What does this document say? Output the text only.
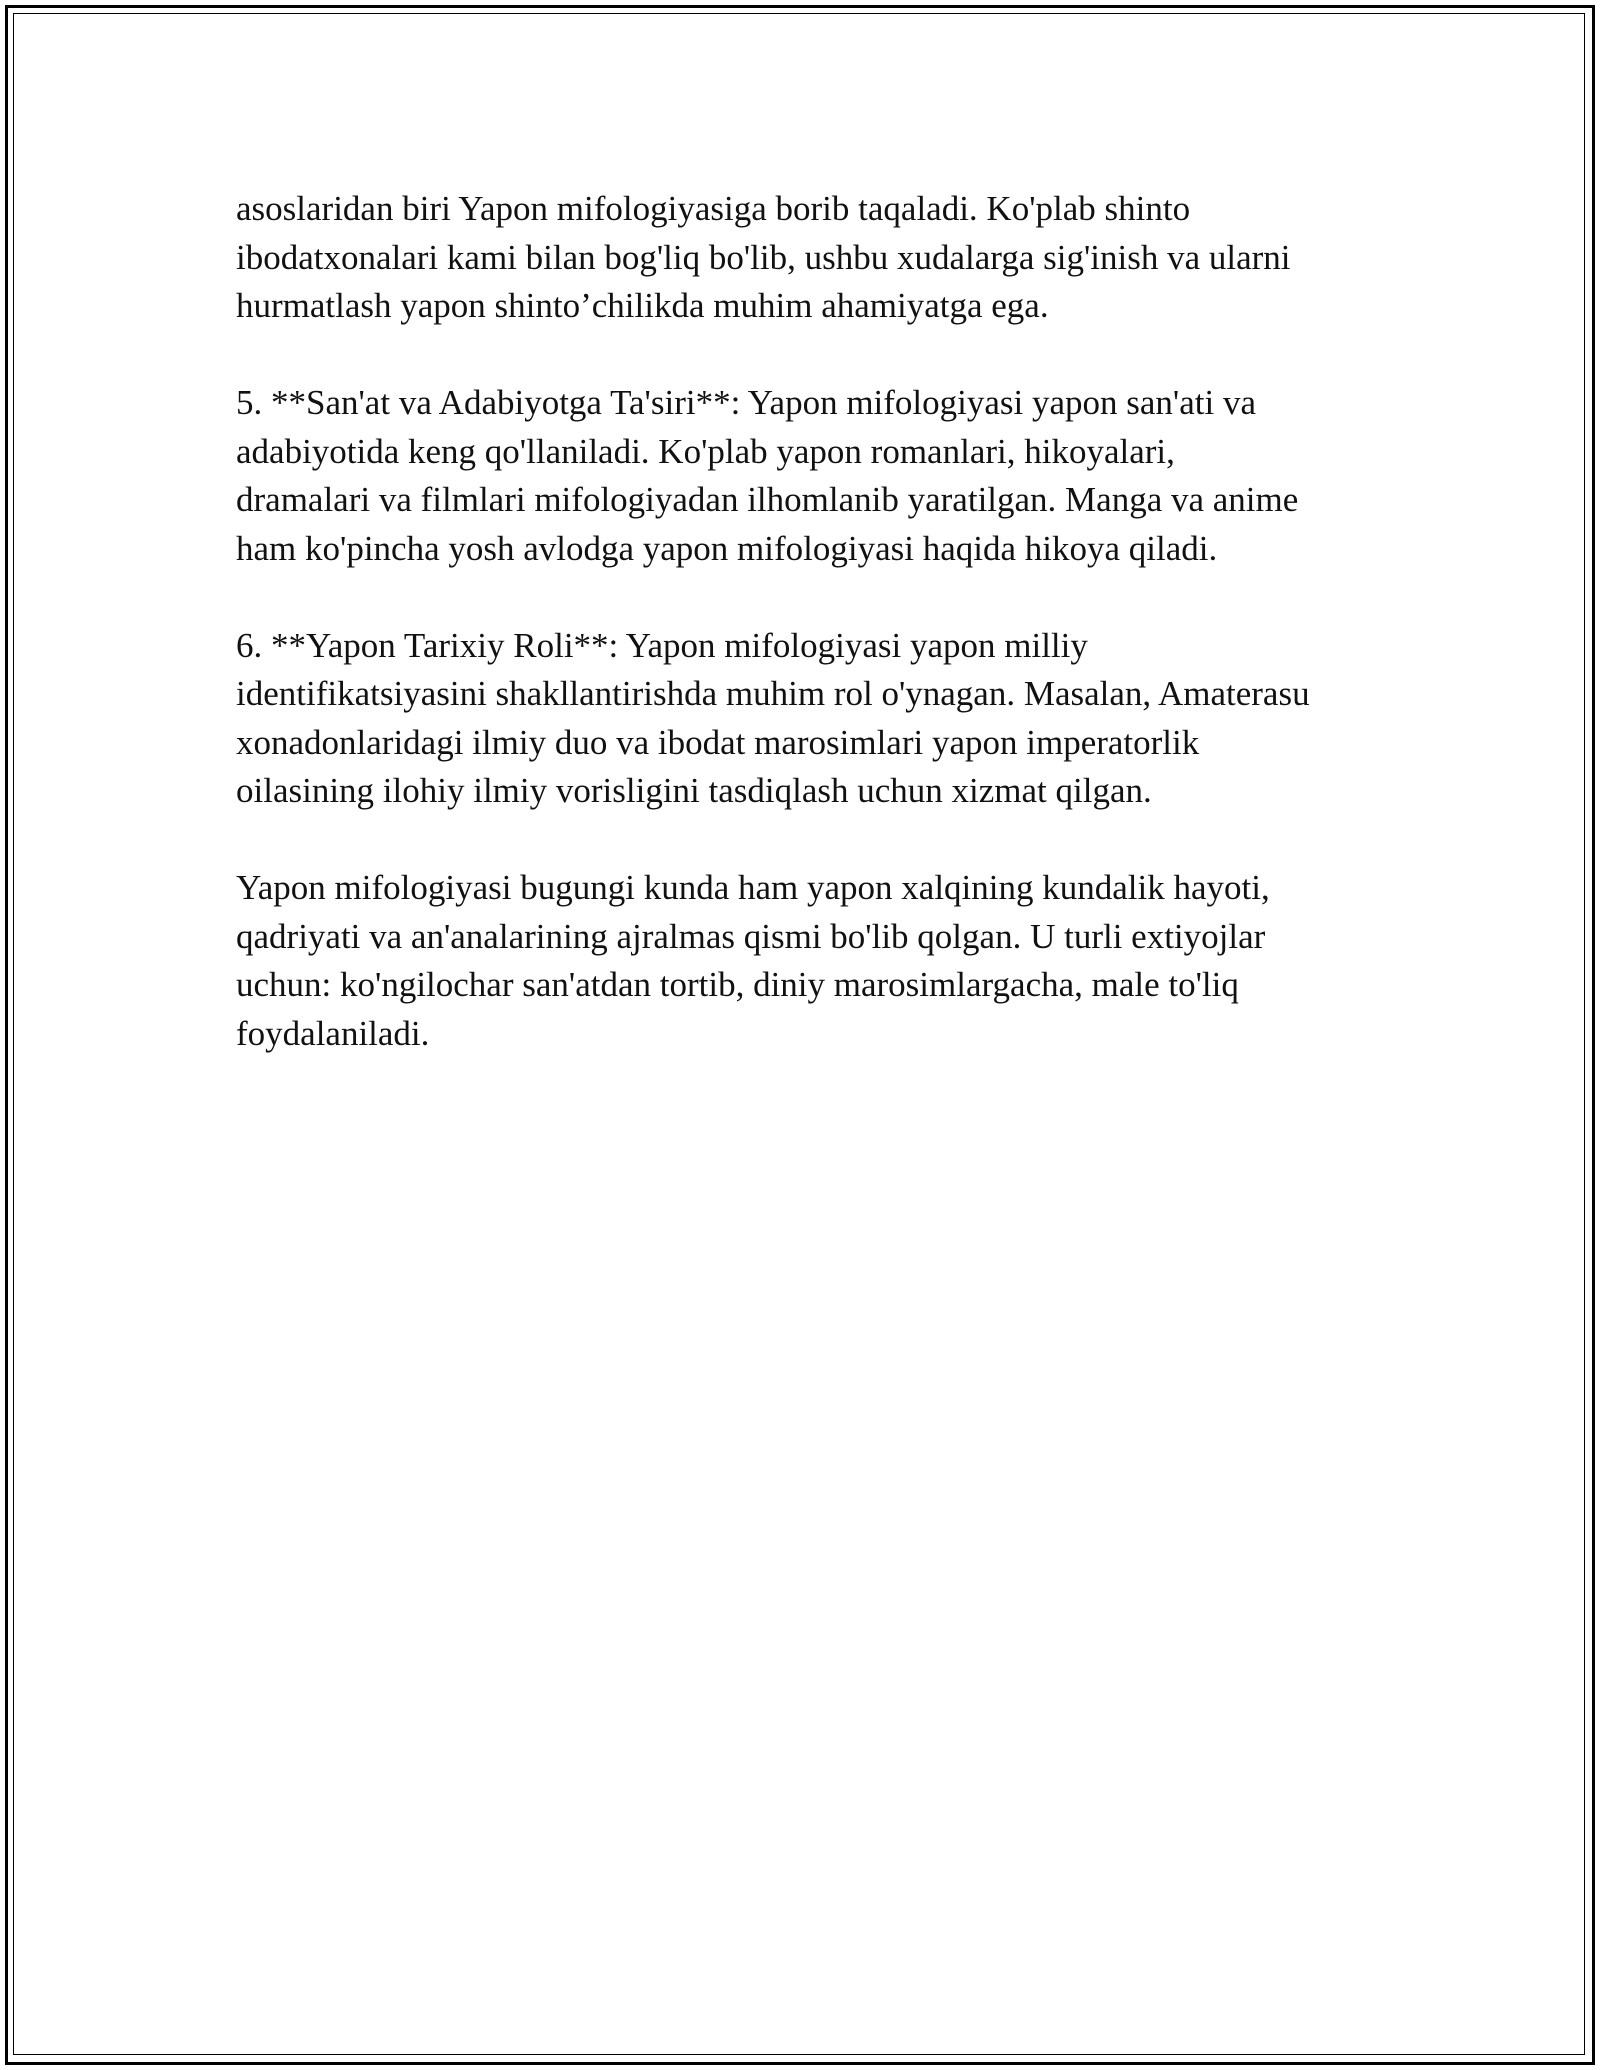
asoslaridan biri Yapon mifologiyasiga borib taqaladi. Ko'plab shinto
ibodatxonalari kami bilan bog'liq bo'lib, ushbu xudalarga sig'inish va ularni
hurmatlash yapon shinto’chilikda muhim ahamiyatga ega.

5. **San'at va Adabiyotga Ta'siri**: Yapon mifologiyasi yapon san'ati va
adabiyotida keng qo'llaniladi. Ko'plab yapon romanlari, hikoyalari,
dramalari va filmlari mifologiyadan ilhomlanib yaratilgan. Manga va anime
ham ko'pincha yosh avlodga yapon mifologiyasi haqida hikoya qiladi.

6. **Yapon Tarixiy Roli**: Yapon mifologiyasi yapon milliy
identifikatsiyasini shakllantirishda muhim rol o'ynagan. Masalan, Amaterasu
xonadonlaridagi ilmiy duo va ibodat marosimlari yapon imperatorlik
oilasining ilohiy ilmiy vorisligini tasdiqlash uchun xizmat qilgan.

Yapon mifologiyasi bugungi kunda ham yapon xalqining kundalik hayoti,
qadriyati va an'analarining ajralmas qismi bo'lib qolgan. U turli extiyojlar
uchun: ko'ngilochar san'atdan tortib, diniy marosimlargacha, male to'liq
foydalaniladi.
